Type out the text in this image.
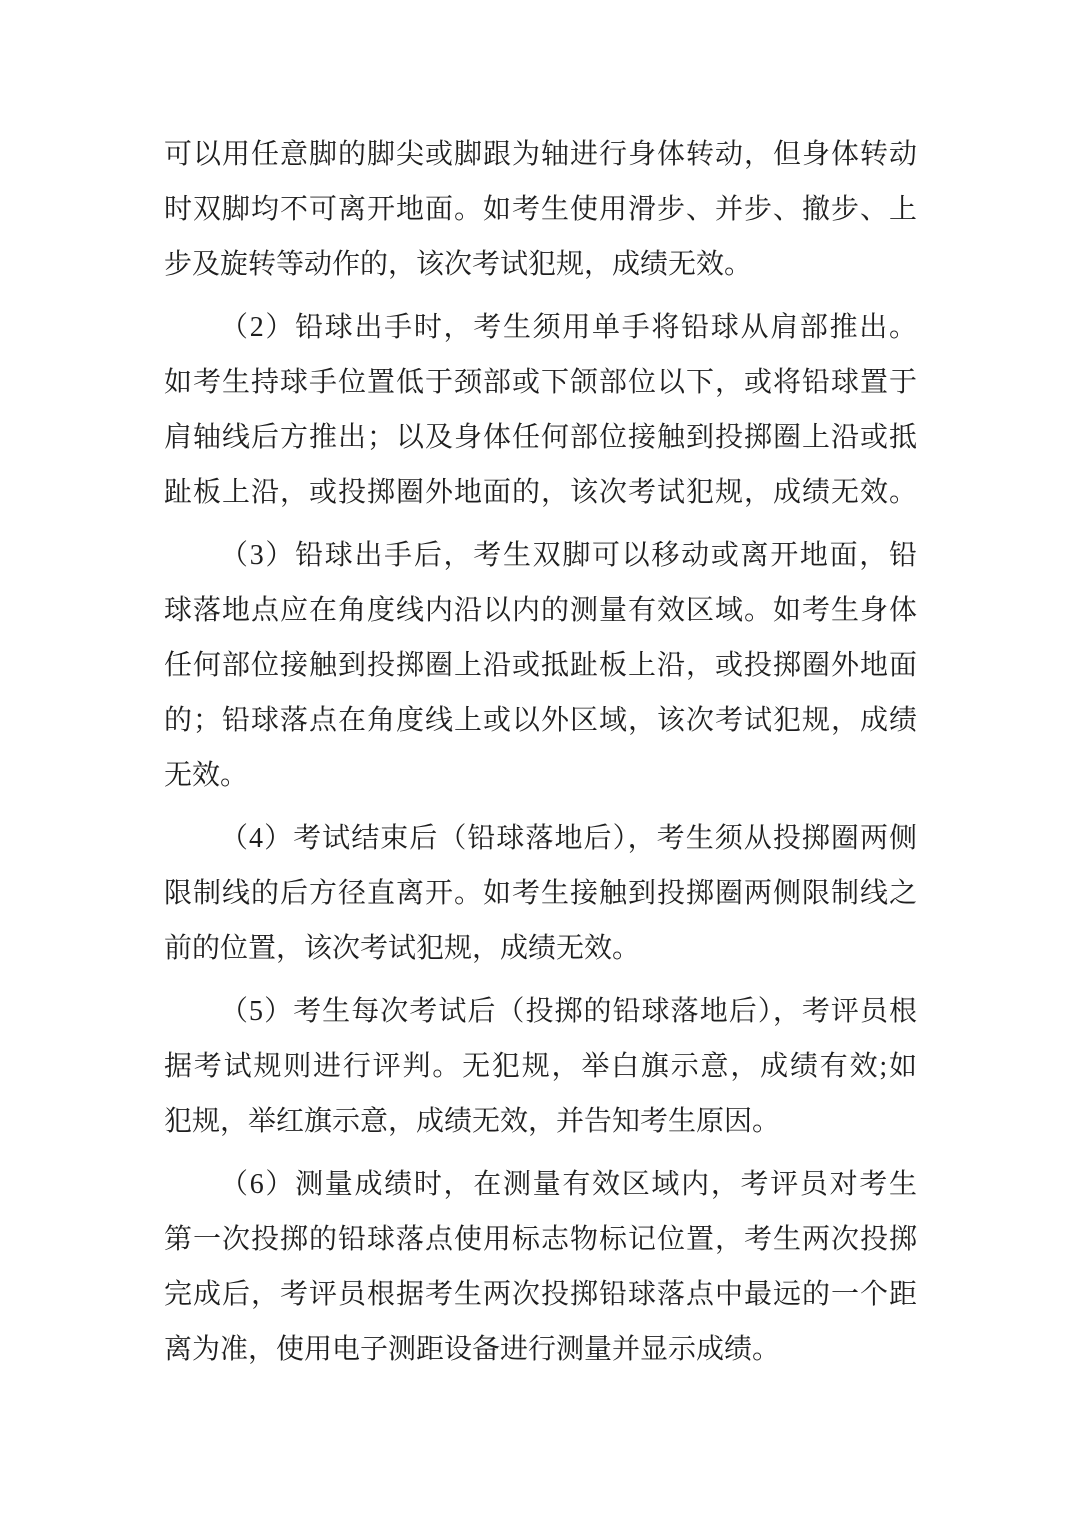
可以用任意脚的脚尖或脚跟为轴进行身体转动，但身体转动
时双脚均不可离开地面。如考生使用滑步、并步、撤步、上
步及旋转等动作的，该次考试犯规，成绩无效。

（2）铅球出手时，考生须用单手将铅球从肩部推出。
如考生持球手位置低于颈部或下颌部位以下，或将铅球置于
肩轴线后方推出；以及身体任何部位接触到投掷圈上沿或抵
趾板上沿，或投掷圈外地面的，该次考试犯规，成绩无效。

（3）铅球出手后，考生双脚可以移动或离开地面，铅
球落地点应在角度线内沿以内的测量有效区域。如考生身体
任何部位接触到投掷圈上沿或抵趾板上沿，或投掷圈外地面
的；铅球落点在角度线上或以外区域，该次考试犯规，成绩
无效。

（4）考试结束后（铅球落地后），考生须从投掷圈两侧
限制线的后方径直离开。如考生接触到投掷圈两侧限制线之
前的位置，该次考试犯规，成绩无效。

（5）考生每次考试后（投掷的铅球落地后），考评员根
据考试规则进行评判。无犯规，举白旗示意，成绩有效;如
犯规，举红旗示意，成绩无效，并告知考生原因。

（6）测量成绩时，在测量有效区域内，考评员对考生
第一次投掷的铅球落点使用标志物标记位置，考生两次投掷
完成后，考评员根据考生两次投掷铅球落点中最远的一个距
离为准，使用电子测距设备进行测量并显示成绩。
